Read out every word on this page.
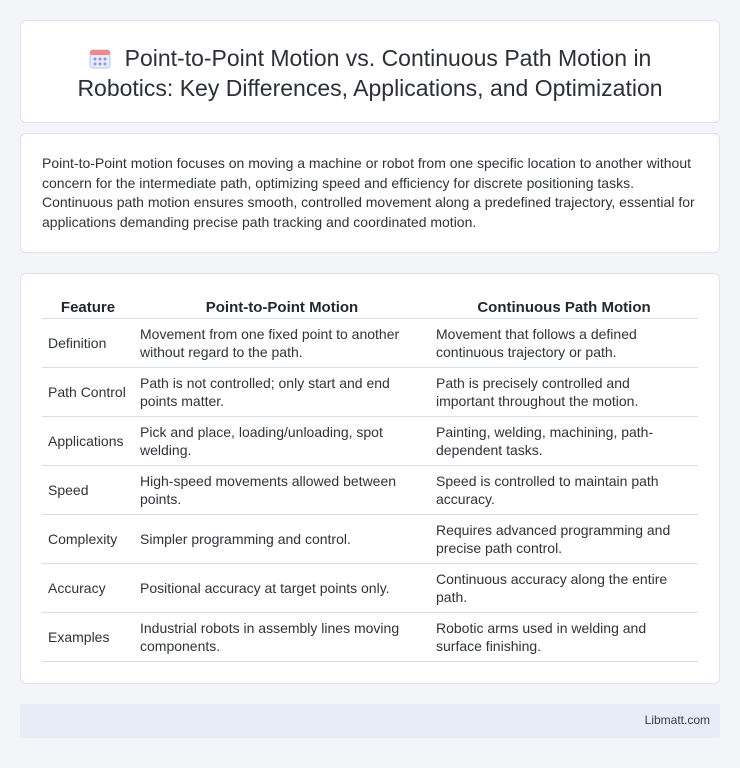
Point-to-Point Motion vs. Continuous Path Motion in
Robotics: Key Differences, Applications, and Optimization

Point-to-Point motion focuses on moving a machine or robot from one specific location to another without concern for the intermediate path, optimizing speed and efficiency for discrete positioning tasks. Continuous path motion ensures smooth, controlled movement along a predefined trajectory, essential for applications demanding precise path tracking and coordinated motion.

Feature	Point-to-Point Motion	Continuous Path Motion
Definition	Movement from one fixed point to another without regard to the path.	Movement that follows a defined continuous trajectory or path.
Path Control	Path is not controlled; only start and end points matter.	Path is precisely controlled and important throughout the motion.
Applications	Pick and place, loading/unloading, spot welding.	Painting, welding, machining, path-dependent tasks.
Speed	High-speed movements allowed between points.	Speed is controlled to maintain path accuracy.
Complexity	Simpler programming and control.	Requires advanced programming and precise path control.
Accuracy	Positional accuracy at target points only.	Continuous accuracy along the entire path.
Examples	Industrial robots in assembly lines moving components.	Robotic arms used in welding and surface finishing.
Libmatt.com
